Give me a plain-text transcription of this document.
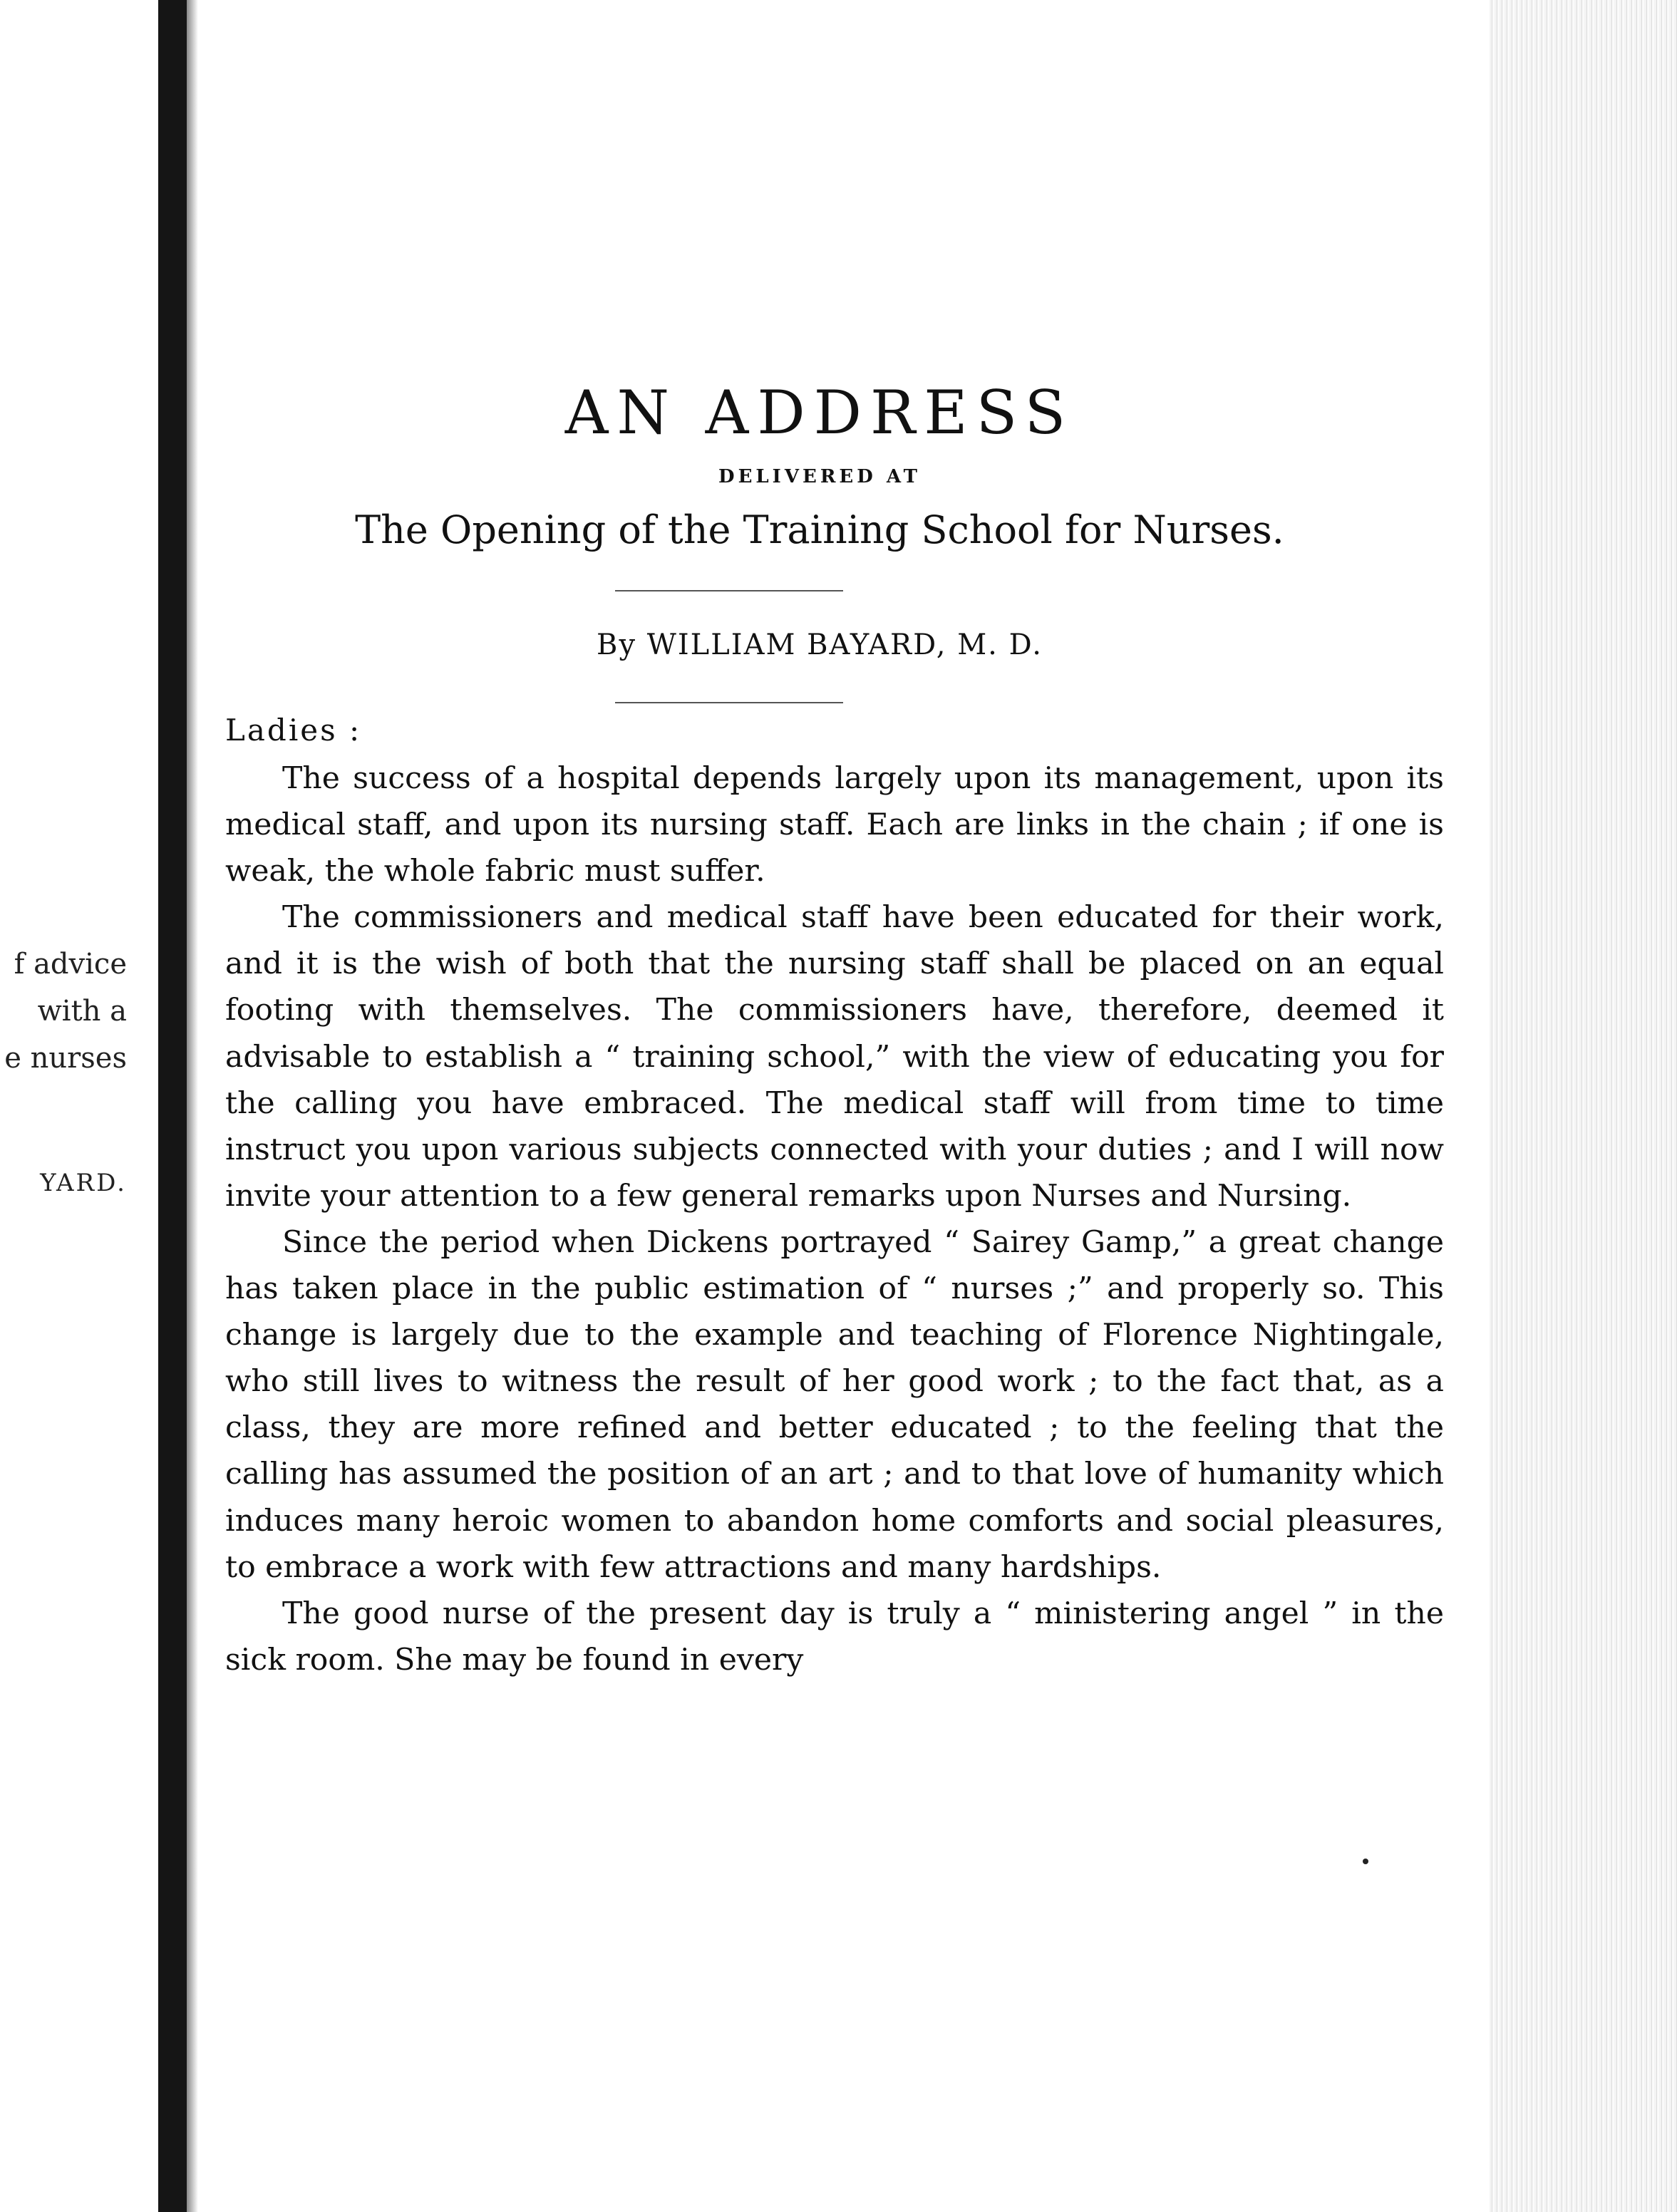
f advice
with a
e nurses
YARD.
AN ADDRESS
DELIVERED AT
The Opening of the Training School for Nurses.
By WILLIAM BAYARD, M. D.
Ladies :

The success of a hospital depends largely upon its management, upon its medical staff, and upon its nursing staff. Each are links in the chain ; if one is weak, the whole fabric must suffer.

The commissioners and medical staff have been educated for their work, and it is the wish of both that the nursing staff shall be placed on an equal footing with themselves. The commissioners have, therefore, deemed it advisable to establish a “ training school,” with the view of educating you for the calling you have embraced. The medical staff will from time to time instruct you upon various subjects connected with your duties ; and I will now invite your attention to a few general remarks upon Nurses and Nursing.

Since the period when Dickens portrayed “ Sairey Gamp,” a great change has taken place in the public estimation of “ nurses ;” and properly so. This change is largely due to the example and teaching of Florence Nightingale, who still lives to witness the result of her good work ; to the fact that, as a class, they are more refined and better educated ; to the feeling that the calling has assumed the position of an art ; and to that love of humanity which induces many heroic women to abandon home comforts and social pleasures, to embrace a work with few attractions and many hardships.

The good nurse of the present day is truly a “ ministering angel ” in the sick room. She may be found in every
